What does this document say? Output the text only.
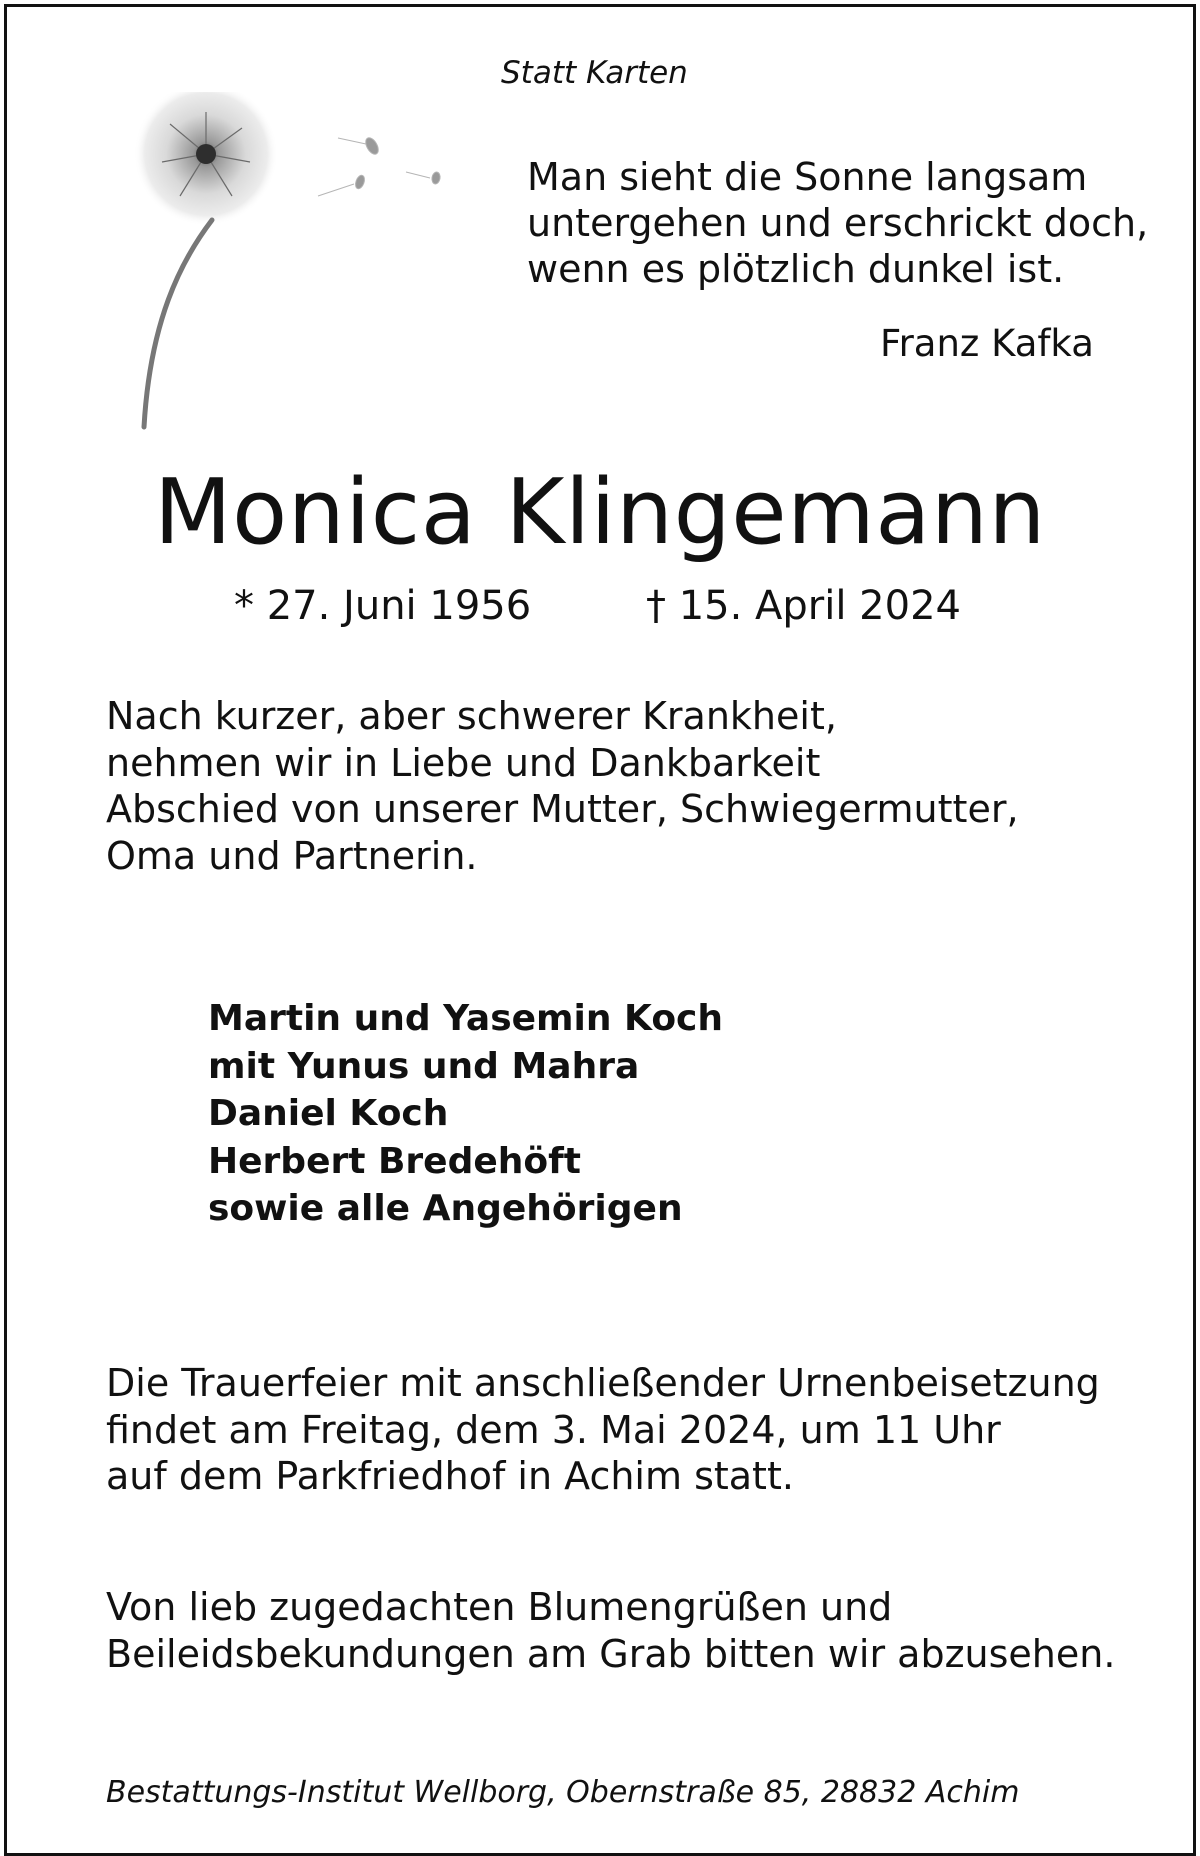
Statt Karten

Man sieht die Sonne langsam
untergehen und erschrickt doch,
wenn es plötzlich dunkel ist.

Franz Kafka

Monica Klingemann
* 27. Juni 1956	† 15. April 2024
Nach kurzer, aber schwerer Krankheit,
nehmen wir in Liebe und Dankbarkeit
Abschied von unserer Mutter, Schwiegermutter,
Oma und Partnerin.
Martin und Yasemin Koch
mit Yunus und Mahra
Daniel Koch
Herbert Bredehöft
sowie alle Angehörigen
Die Trauerfeier mit anschließender Urnenbeisetzung
findet am Freitag, dem 3. Mai 2024, um 11 Uhr
auf dem Parkfriedhof in Achim statt.
Von lieb zugedachten Blumengrüßen und
Beileidsbekundungen am Grab bitten wir abzusehen.

Bestattungs-Institut Wellborg, Obernstraße 85, 28832 Achim
